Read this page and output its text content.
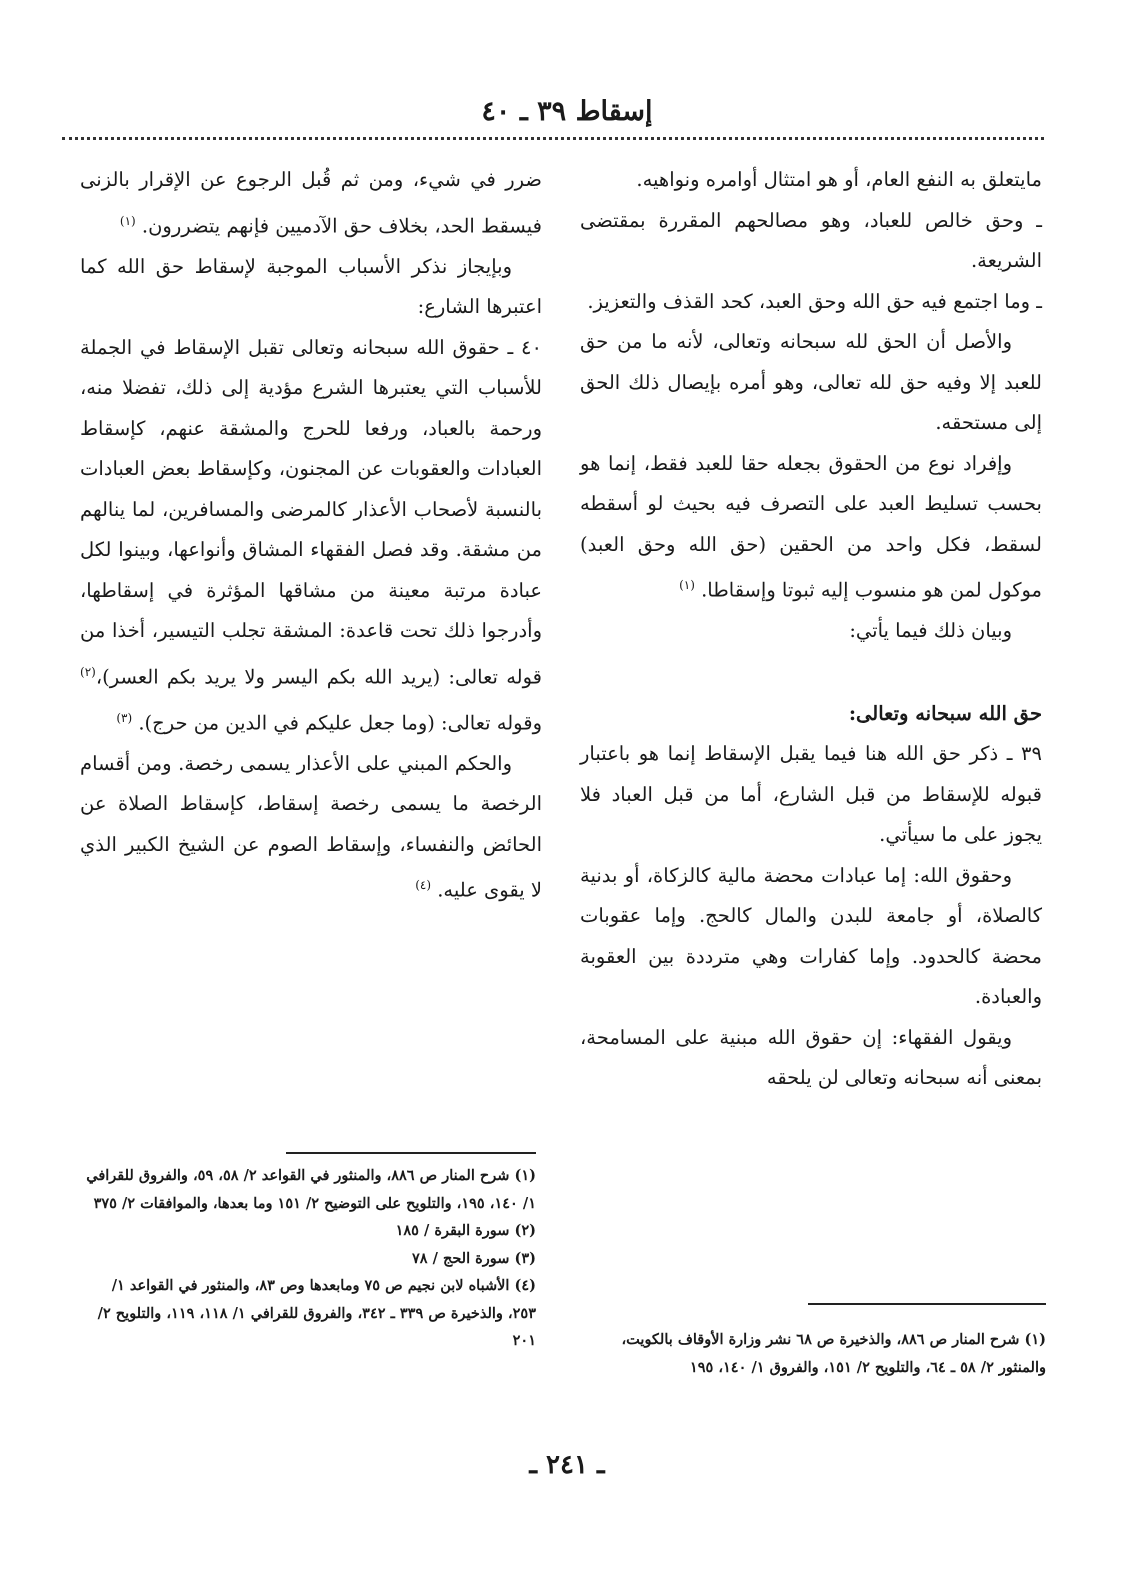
إسقاط ٣٩ ـ ٤٠

مايتعلق به النفع العام، أو هو امتثال أوامره ونواهيه.

ـ وحق خالص للعباد، وهو مصالحهم المقررة بمقتضى الشريعة.

ـ وما اجتمع فيه حق الله وحق العبد، كحد القذف والتعزيز.

والأصل أن الحق لله سبحانه وتعالى، لأنه ما من حق للعبد إلا وفيه حق لله تعالى، وهو أمره بإيصال ذلك الحق إلى مستحقه.

وإفراد نوع من الحقوق بجعله حقا للعبد فقط، إنما هو بحسب تسليط العبد على التصرف فيه بحيث لو أسقطه لسقط، فكل واحد من الحقين (حق الله وحق العبد) موكول لمن هو منسوب إليه ثبوتا وإسقاطا. $^{(١)}$

وبيان ذلك فيما يأتي:

حق الله سبحانه وتعالى:

٣٩ ـ ذكر حق الله هنا فيما يقبل الإسقاط إنما هو باعتبار قبوله للإسقاط من قبل الشارع، أما من قبل العباد فلا يجوز على ما سيأتي.

وحقوق الله: إما عبادات محضة مالية كالزكاة، أو بدنية كالصلاة، أو جامعة للبدن والمال كالحج. وإما عقوبات محضة كالحدود. وإما كفارات وهي مترددة بين العقوبة والعبادة.

ويقول الفقهاء: إن حقوق الله مبنية على المسامحة، بمعنى أنه سبحانه وتعالى لن يلحقه

ضرر في شيء، ومن ثم قُبل الرجوع عن الإقرار بالزنى فيسقط الحد، بخلاف حق الآدميين فإنهم يتضررون. $^{(١)}$

وبإيجاز نذكر الأسباب الموجبة لإسقاط حق الله كما اعتبرها الشارع:

٤٠ ـ حقوق الله سبحانه وتعالى تقبل الإسقاط في الجملة للأسباب التي يعتبرها الشرع مؤدية إلى ذلك، تفضلا منه، ورحمة بالعباد، ورفعا للحرج والمشقة عنهم، كإسقاط العبادات والعقوبات عن المجنون، وكإسقاط بعض العبادات بالنسبة لأصحاب الأعذار كالمرضى والمسافرين، لما ينالهم من مشقة. وقد فصل الفقهاء المشاق وأنواعها، وبينوا لكل عبادة مرتبة معينة من مشاقها المؤثرة في إسقاطها، وأدرجوا ذلك تحت قاعدة: المشقة تجلب التيسير، أخذا من قوله تعالى: (يريد الله بكم اليسر ولا يريد بكم العسر)،$^{(٢)}$ وقوله تعالى: (وما جعل عليكم في الدين من حرج). $^{(٣)}$

والحكم المبني على الأعذار يسمى رخصة. ومن أقسام الرخصة ما يسمى رخصة إسقاط، كإسقاط الصلاة عن الحائض والنفساء، وإسقاط الصوم عن الشيخ الكبير الذي لا يقوى عليه. $^{(٤)}$

(١) شرح المنار ص ٨٨٦، والمنثور في القواعد ٢/ ٥٨، ٥٩، والفروق للقرافي ١/ ١٤٠، ١٩٥، والتلويح على التوضيح ٢/ ١٥١ وما بعدها، والموافقات ٢/ ٣٧٥

(٢) سورة البقرة / ١٨٥

(٣) سورة الحج / ٧٨

(٤) الأشباه لابن نجيم ص ٧٥ ومابعدها وص ٨٣، والمنثور في القواعد ١/ ٢٥٣، والذخيرة ص ٣٣٩ ـ ٣٤٢، والفروق للقرافي ١/ ١١٨، ١١٩، والتلويح ٢/ ٢٠١	(١) شرح المنار ص ٨٨٦، والذخيرة ص ٦٨ نشر وزارة الأوقاف بالكويت، والمنثور ٢/ ٥٨ ـ ٦٤، والتلويح ٢/ ١٥١، والفروق ١/ ١٤٠، ١٩٥

ـ ٢٤١ ـ
